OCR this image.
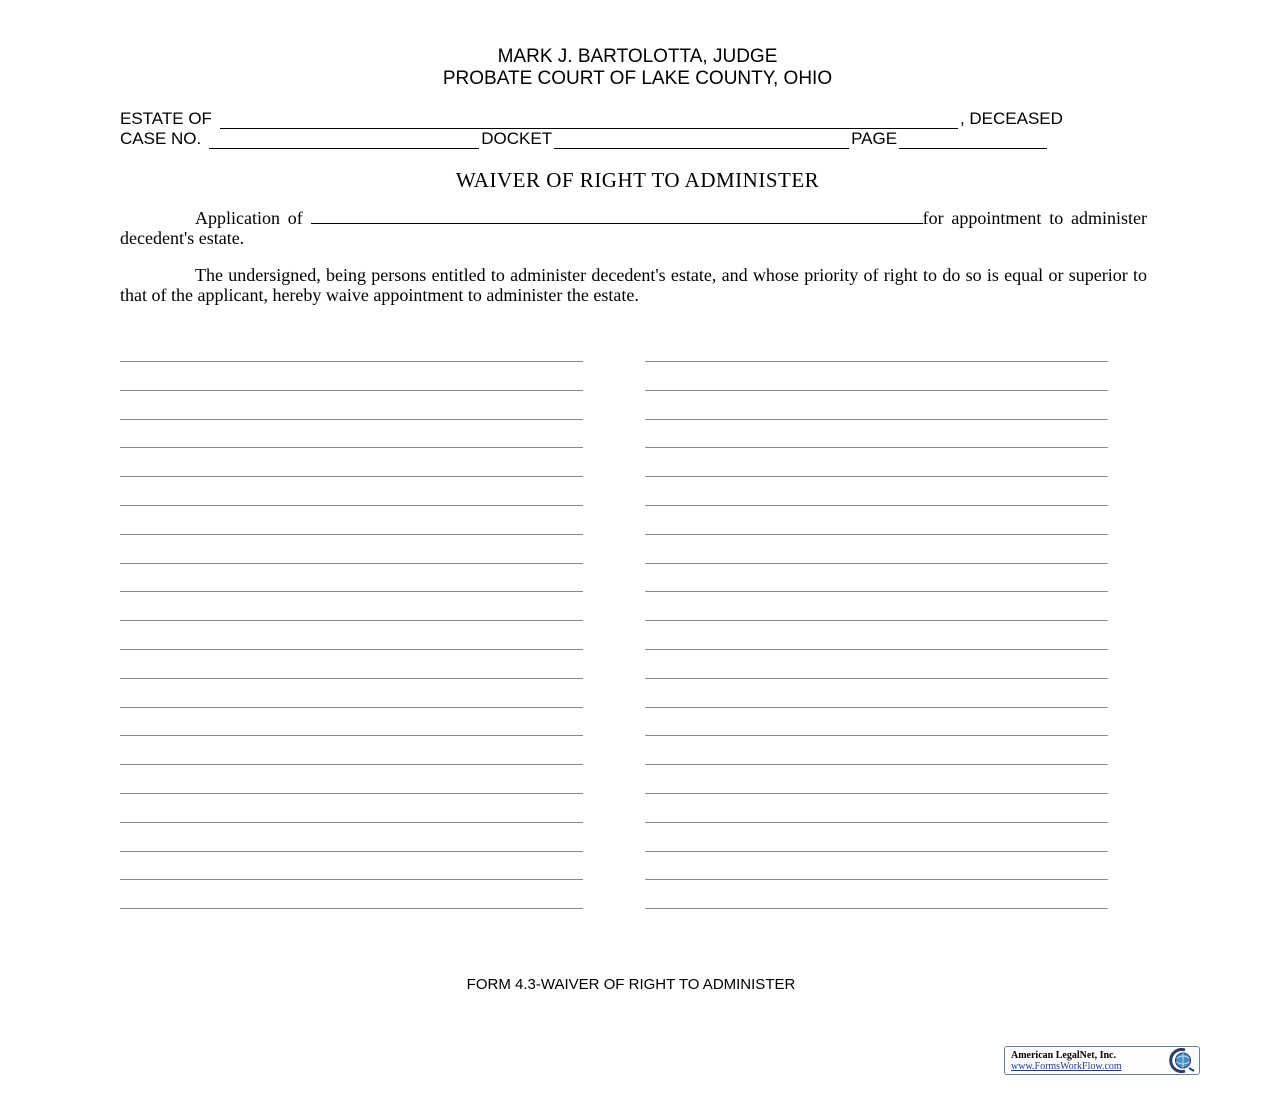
MARK J. BARTOLOTTA, JUDGE
PROBATE COURT OF LAKE COUNTY, OHIO
ESTATE OF	, DECEASED
CASE NO.	DOCKET	PAGE
WAIVER OF RIGHT TO ADMINISTER
Application of	for appointment to administer decedent's estate.
The undersigned, being persons entitled to administer decedent's estate, and whose priority of right to do so is equal or superior to that of the applicant, hereby waive appointment to administer the estate.
FORM 4.3-WAIVER OF RIGHT TO ADMINISTER
American LegalNet, Inc.
www.FormsWorkFlow.com
